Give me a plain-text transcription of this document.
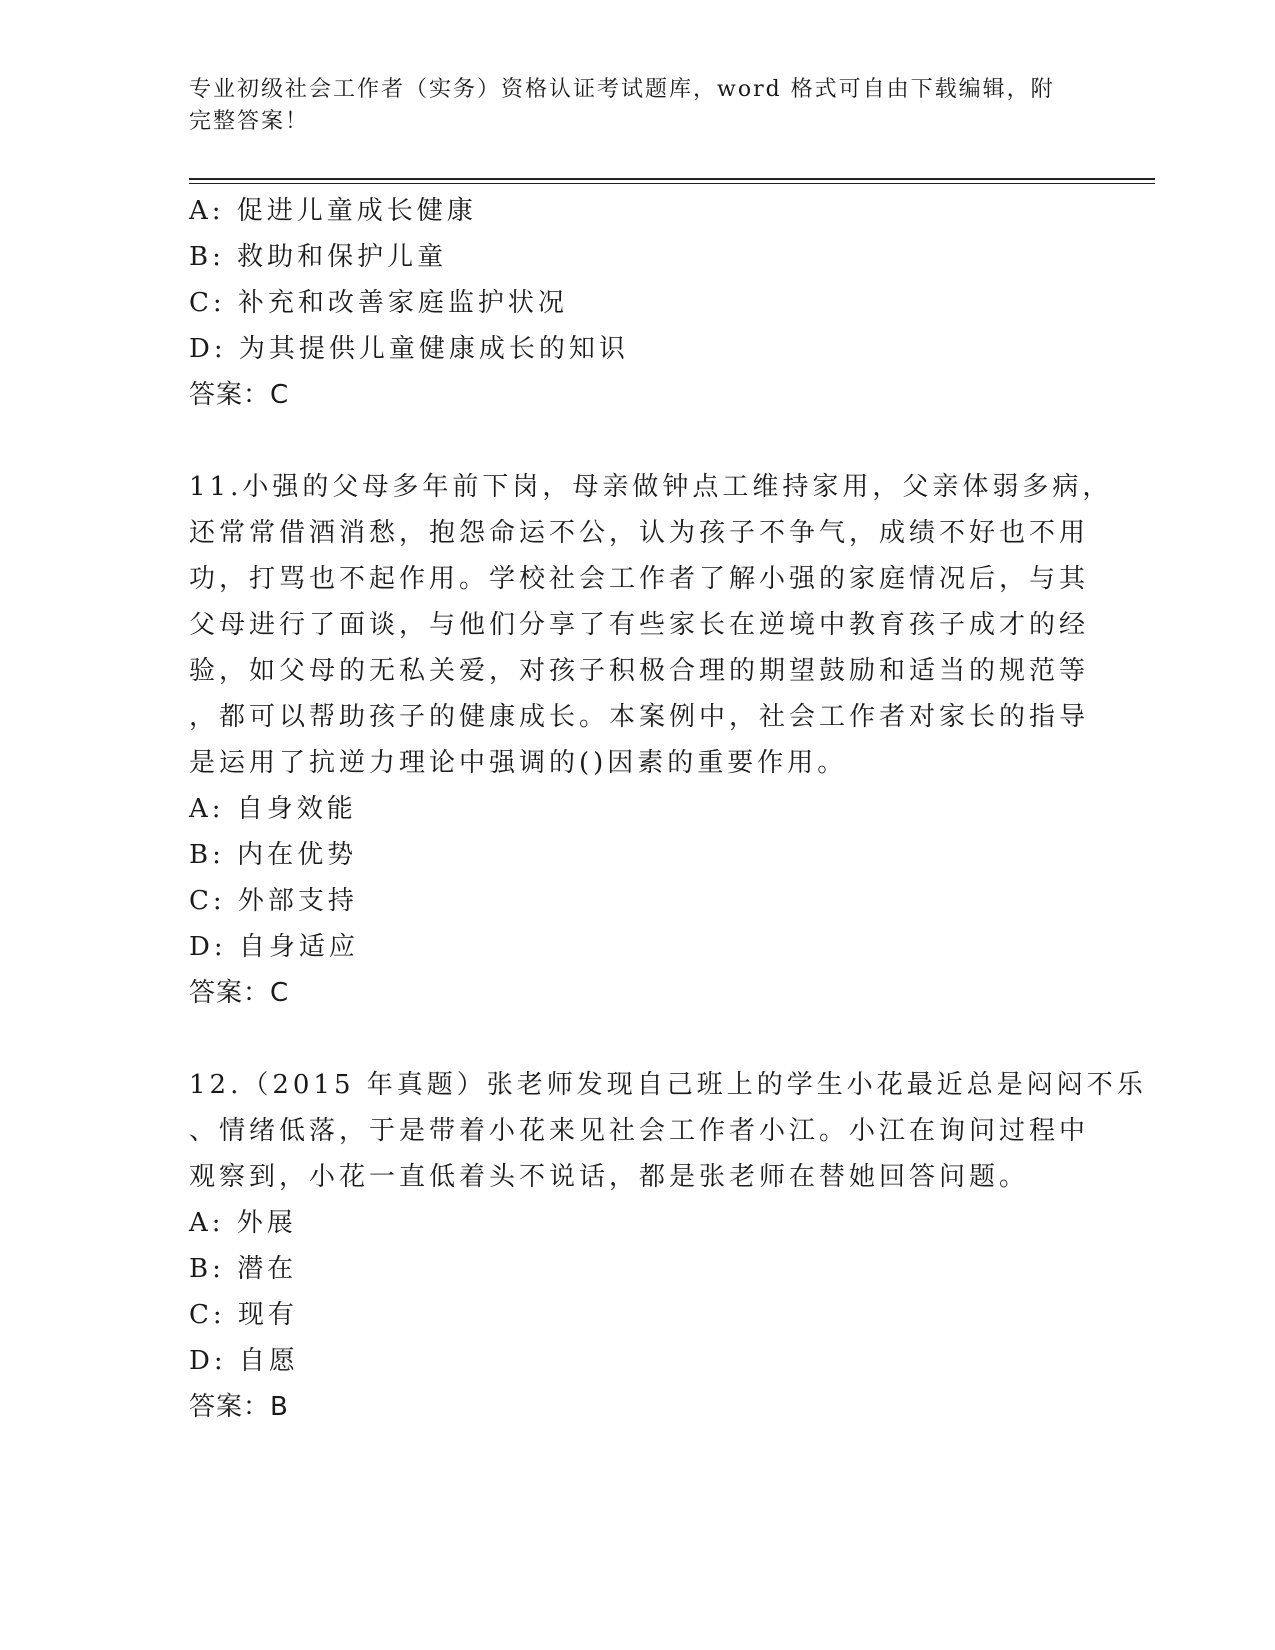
专业初级社会工作者（实务）资格认证考试题库，word 格式可自由下载编辑，附
完整答案！
A: 促进儿童成长健康
B: 救助和保护儿童
C: 补充和改善家庭监护状况
D: 为其提供儿童健康成长的知识
答案：C
11.小强的父母多年前下岗，母亲做钟点工维持家用，父亲体弱多病，
还常常借酒消愁，抱怨命运不公，认为孩子不争气，成绩不好也不用
功，打骂也不起作用。学校社会工作者了解小强的家庭情况后，与其
父母进行了面谈，与他们分享了有些家长在逆境中教育孩子成才的经
验，如父母的无私关爱，对孩子积极合理的期望鼓励和适当的规范等
，都可以帮助孩子的健康成长。本案例中，社会工作者对家长的指导
是运用了抗逆力理论中强调的()因素的重要作用。
A: 自身效能
B: 内在优势
C: 外部支持
D: 自身适应
答案：C
12.（2015 年真题）张老师发现自己班上的学生小花最近总是闷闷不乐
、情绪低落，于是带着小花来见社会工作者小江。小江在询问过程中
观察到，小花一直低着头不说话，都是张老师在替她回答问题。
A: 外展
B: 潜在
C: 现有
D: 自愿
答案：B
